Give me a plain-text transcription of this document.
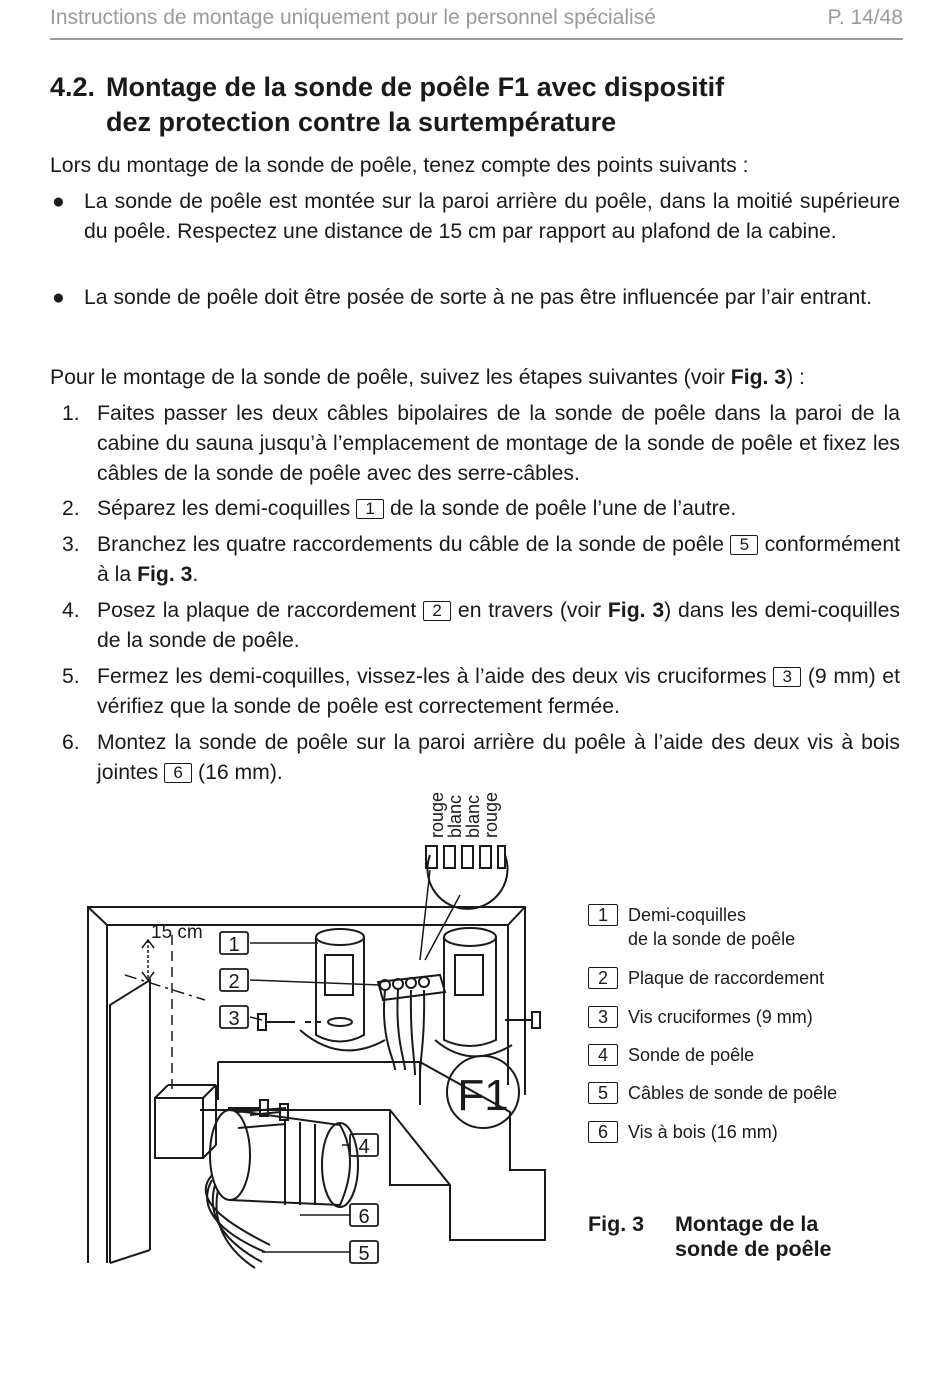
Instructions de montage uniquement pour le personnel spécialisé	P. 14/48
4.2. Montage de la sonde de poêle F1 avec dispositif
dez protection contre la surtempérature
Lors du montage de la sonde de poêle, tenez compte des points suivants :
● La sonde de poêle est montée sur la paroi arrière du poêle, dans la moitié supérieure du poêle. Respectez une distance de 15 cm par rapport au plafond de la cabine.
● La sonde de poêle doit être posée de sorte à ne pas être influencée par l’air entrant.
Pour le montage de la sonde de poêle, suivez les étapes suivantes (voir Fig. 3) :
1. Faites passer les deux câbles bipolaires de la sonde de poêle dans la paroi de la cabine du sauna jusqu’à l’emplacement de montage de la sonde de poêle et fixez les câbles de la sonde de poêle avec des serre-câbles.
2. Séparez les demi-coquilles 1 de la sonde de poêle l’une de l’autre.
3. Branchez les quatre raccordements du câble de la sonde de poêle 5 conformément à la Fig. 3.
4. Posez la plaque de raccordement 2 en travers (voir Fig. 3) dans les demi-coquilles de la sonde de poêle.
5. Fermez les demi-coquilles, vissez-les à l’aide des deux vis cruciformes 3 (9 mm) et vérifiez que la sonde de poêle est correctement fermée.
6. Montez la sonde de poêle sur la paroi arrière du poêle à l’aide des deux vis à bois jointes 6 (16 mm).
15 cm
rouge
blanc
blanc
rouge
F1
1
2
3
4
6
5
1	Demi-coquilles
de la sonde de poêle
2	Plaque de raccordement
3	Vis cruciformes (9 mm)
4	Sonde de poêle
5	Câbles de sonde de poêle
6	Vis à bois (16 mm)
Fig. 3 Montage de la sonde de poêle
